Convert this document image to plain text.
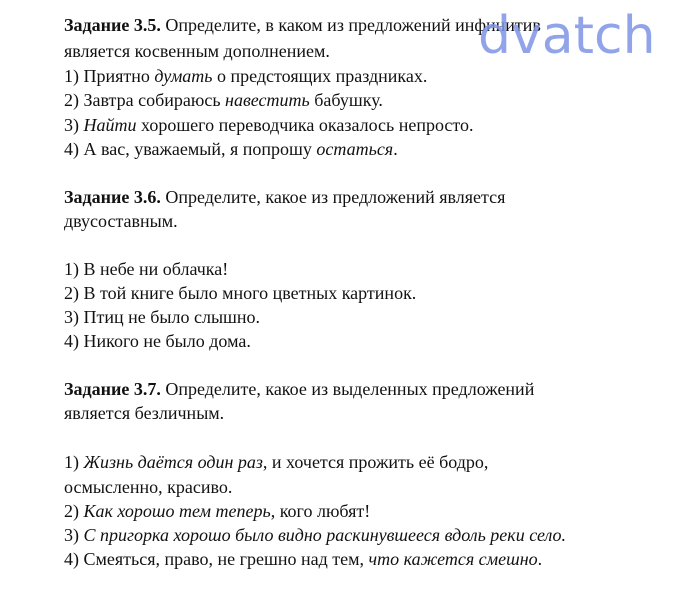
Задание 3.5. Определите, в каком из предложений инфинитив
является косвенным дополнением.
1) Приятно думать о предстоящих праздниках.
2) Завтра собираюсь навестить бабушку.
3) Найти хорошего переводчика оказалось непросто.
4) А вас, уважаемый, я попрошу остаться.
Задание 3.6. Определите, какое из предложений является
двусоставным.
1) В небе ни облачка!
2) В той книге было много цветных картинок.
3) Птиц не было слышно.
4) Никого не было дома.
Задание 3.7. Определите, какое из выделенных предложений
является безличным.
1) Жизнь даётся один раз, и хочется прожить её бодро,
осмысленно, красиво.
2) Как хорошо тем теперь, кого любят!
3) С пригорка хорошо было видно раскинувшееся вдоль реки село.
4) Смеяться, право, не грешно над тем, что кажется смешно.
dvatch
